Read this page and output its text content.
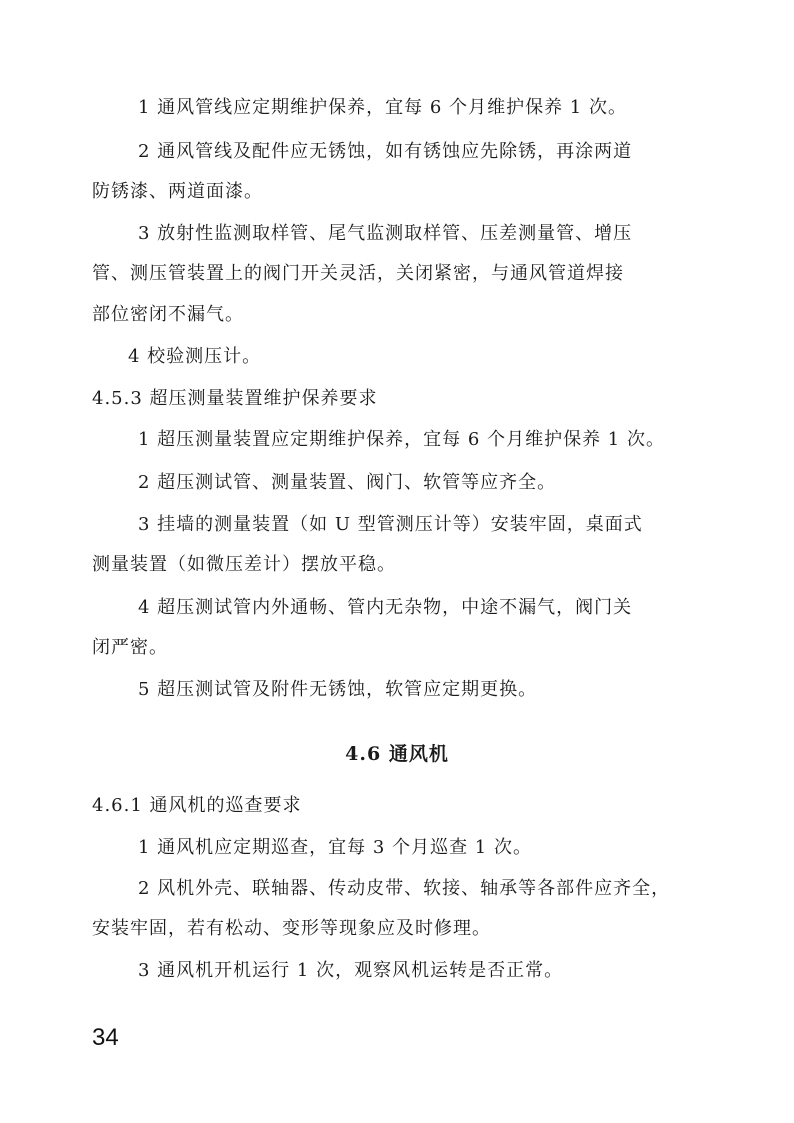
1 通风管线应定期维护保养，宜每 6 个月维护保养 1 次。
2 通风管线及配件应无锈蚀，如有锈蚀应先除锈，再涂两道
防锈漆、两道面漆。
3 放射性监测取样管、尾气监测取样管、压差测量管、增压
管、测压管装置上的阀门开关灵活，关闭紧密，与通风管道焊接
部位密闭不漏气。
4 校验测压计。
4.5.3 超压测量装置维护保养要求
1 超压测量装置应定期维护保养，宜每 6 个月维护保养 1 次。
2 超压测试管、测量装置、阀门、软管等应齐全。
3 挂墙的测量装置（如 U 型管测压计等）安装牢固，桌面式
测量装置（如微压差计）摆放平稳。
4 超压测试管内外通畅、管内无杂物，中途不漏气，阀门关
闭严密。
5 超压测试管及附件无锈蚀，软管应定期更换。
4.6 通风机
4.6.1 通风机的巡查要求
1 通风机应定期巡查，宜每 3 个月巡查 1 次。
2 风机外壳、联轴器、传动皮带、软接、轴承等各部件应齐全，
安装牢固，若有松动、变形等现象应及时修理。
3 通风机开机运行 1 次，观察风机运转是否正常。
34
